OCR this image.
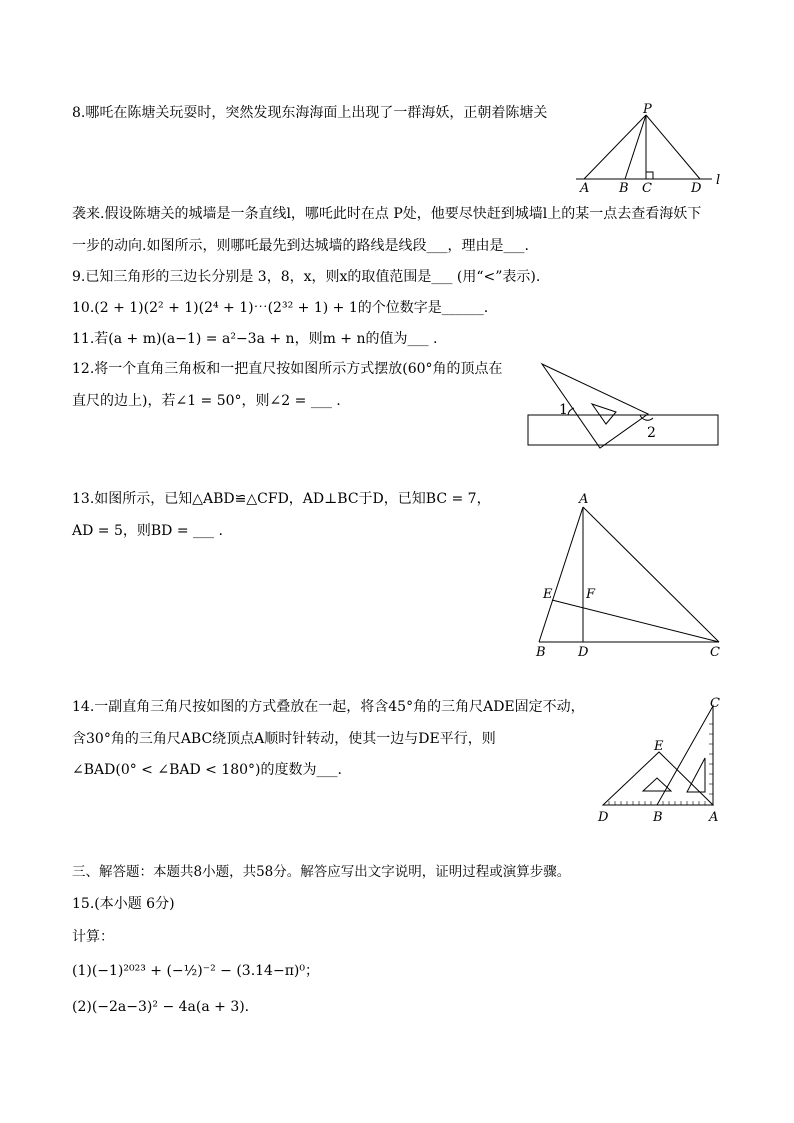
8.哪吒在陈塘关玩耍时，突然发现东海海面上出现了一群海妖，正朝着陈塘关	P
A B C	D
l
袭来.假设陈塘关的城墙是一条直线l，哪吒此时在点 P处，他要尽快赶到城墙l上的某一点去查看海妖下
一步的动向.如图所示，则哪吒最先到达城墙的路线是线段___，理由是___.
9.已知三角形的三边长分别是 3，8，x，则x的取值范围是___ (用“<”表示).
10.(2 + 1)(2² + 1)(2⁴ + 1)⋯(2³² + 1) + 1的个位数字是______.
11.若(a + m)(a−1) = a²−3a + n，则m + n的值为___ .
12.将一个直角三角板和一把直尺按如图所示方式摆放(60°角的顶点在
直尺的边上)，若∠1 = 50°，则∠2 = ___ .
1
2
13.如图所示，已知△ABD≌△CFD，AD⊥BC于D，已知BC = 7，
AD = 5，则BD = ___ .
A
B D	C
E	F
14.一副直角三角尺按如图的方式叠放在一起，将含45°角的三角尺ADE固定不动，
含30°角的三角尺ABC绕顶点A顺时针转动，使其一边与DE平行，则
∠BAD(0° < ∠BAD < 180°)的度数为___.
C
E
D	B	A
三、解答题：本题共8小题，共58分。解答应写出文字说明，证明过程或演算步骤。
15.(本小题 6分)
计算：
(1)(−1)²⁰²³ + (−½)⁻² − (3.14−π)⁰；
(2)(−2a−3)² − 4a(a + 3).
